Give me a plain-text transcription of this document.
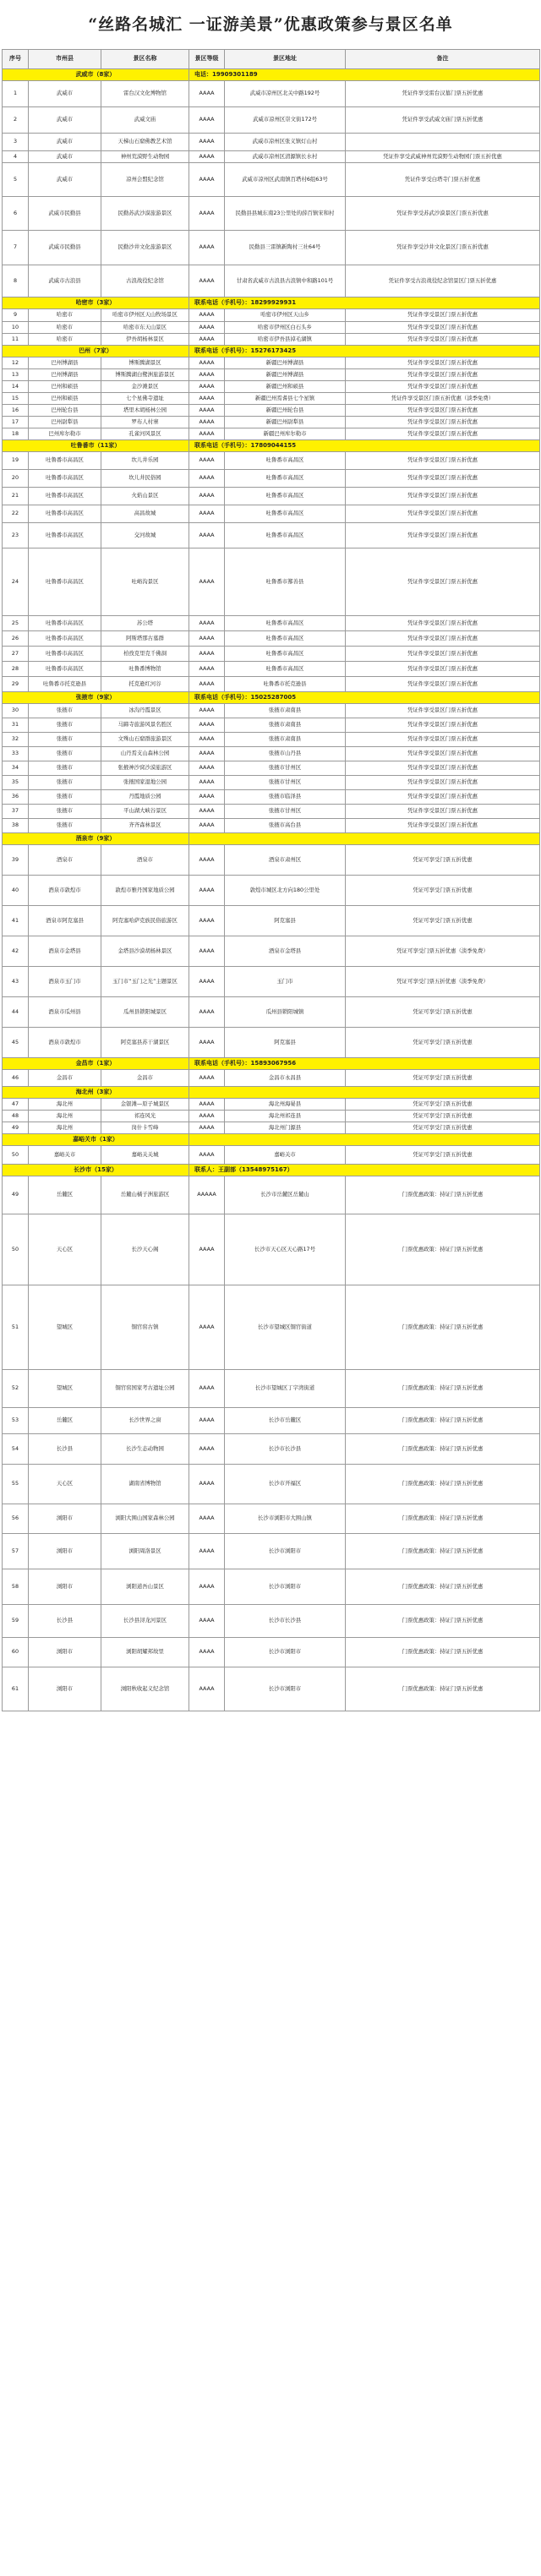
“丝路名城汇 一证游美景”优惠政策参与景区名单
序号	市州县	景区名称	景区等级	景区地址	备注
武威市（8家）			电话：19909301189		
1	武威市	雷台汉文化博物馆	AAAA	武威市凉州区北关中路192号	凭证件享受雷台汉墓门票五折优惠
2	武威市	武威文庙	AAAA	武威市凉州区崇文街172号	凭证件享受武威文庙门票五折优惠
3	武威市	天梯山石窟佛教艺术馆	AAAA	武威市凉州区张义镇灯山村	
4	武威市	神州荒漠野生动物园	AAAA	武威市凉州区清源镇长水村	凭证件享受武威神州荒漠野生动物园门票五折优惠
5	武威市	凉州会盟纪念馆	AAAA	武威市凉州区武南镇百塔村6组63号	凭证件享受白塔寺门票五折优惠
6	武威市民勤县	民勤苏武沙漠旅游景区	AAAA	民勤县县城东南23公里处的薛百镇宋和村	凭证件享受苏武沙漠景区门票五折优惠
7	武威市民勤县	民勤沙井文化旅游景区	AAAA	民勤县三雷镇新陶村三社64号	凭证件享受沙井文化景区门票五折优惠
8	武威市古浪县	古浪战役纪念馆	AAAA	甘肃省武威市古浪县古浪镇中和路101号	凭证件享受古浪战役纪念馆景区门票五折优惠
哈密市（3家）			联系电话（手机号）：18299929931		
9	哈密市	哈密市伊州区天山牧场景区	AAAA	哈密市伊州区天山乡	凭证件享受景区门票五折优惠
10	哈密市	哈密市东天山景区	AAAA	哈密市伊州区白石头乡	凭证件享受景区门票五折优惠
11	哈密市	伊吾胡杨林景区	AAAA	哈密市伊吾县淖毛湖镇	凭证件享受景区门票五折优惠
巴州（7家）			联系电话（手机号）：15276173425		
12	巴州博湖县	博斯腾湖景区	AAAA	新疆巴州博湖县	凭证件享受景区门票五折优惠
13	巴州博湖县	博斯腾湖白鹭洲旅游景区	AAAA	新疆巴州博湖县	凭证件享受景区门票五折优惠
14	巴州和硕县	金沙滩景区	AAAA	新疆巴州和硕县	凭证件享受景区门票五折优惠
15	巴州和硕县	七个星佛寺遗址	AAAA	新疆巴州焉耆县七个星镇	凭证件享受景区门票五折优惠（淡季免费）
16	巴州轮台县	塔里木胡杨林公园	AAAA	新疆巴州轮台县	凭证件享受景区门票五折优惠
17	巴州尉犁县	罗布人村寨	AAAA	新疆巴州尉犁县	凭证件享受景区门票五折优惠
18	巴州库尔勒市	孔雀河风景区	AAAA	新疆巴州库尔勒市	凭证件享受景区门票五折优惠
吐鲁番市（11家）			联系电话（手机号）：17809044155		
19	吐鲁番市高昌区	坎儿井乐园	AAAA	吐鲁番市高昌区	凭证件享受景区门票五折优惠
20	吐鲁番市高昌区	坎儿井民俗园	AAAA	吐鲁番市高昌区	凭证件享受景区门票五折优惠
21	吐鲁番市高昌区	火焰山景区	AAAA	吐鲁番市高昌区	凭证件享受景区门票五折优惠
22	吐鲁番市高昌区	高昌故城	AAAA	吐鲁番市高昌区	凭证件享受景区门票五折优惠
23	吐鲁番市高昌区	交河故城	AAAA	吐鲁番市高昌区	凭证件享受景区门票五折优惠
24	吐鲁番市高昌区	吐峪沟景区	AAAA	吐鲁番市鄯善县	凭证件享受景区门票五折优惠
25	吐鲁番市高昌区	苏公塔	AAAA	吐鲁番市高昌区	凭证件享受景区门票五折优惠
26	吐鲁番市高昌区	阿斯塔那古墓群	AAAA	吐鲁番市高昌区	凭证件享受景区门票五折优惠
27	吐鲁番市高昌区	柏孜克里克千佛洞	AAAA	吐鲁番市高昌区	凭证件享受景区门票五折优惠
28	吐鲁番市高昌区	吐鲁番博物馆	AAAA	吐鲁番市高昌区	凭证件享受景区门票五折优惠
29	吐鲁番市托克逊县	托克逊红河谷	AAAA	吐鲁番市托克逊县	凭证件享受景区门票五折优惠
张掖市（9家）			联系电话（手机号）：15025287005		
30	张掖市	冰沟丹霞景区	AAAA	张掖市肃南县	凭证件享受景区门票五折优惠
31	张掖市	马蹄寺旅游风景名胜区	AAAA	张掖市肃南县	凭证件享受景区门票五折优惠
32	张掖市	文殊山石窟群旅游景区	AAAA	张掖市肃南县	凭证件享受景区门票五折优惠
33	张掖市	山丹焉支山森林公园	AAAA	张掖市山丹县	凭证件享受景区门票五折优惠
34	张掖市	张掖神沙窝沙漠旅游区	AAAA	张掖市甘州区	凭证件享受景区门票五折优惠
35	张掖市	张掖国家湿地公园	AAAA	张掖市甘州区	凭证件享受景区门票五折优惠
36	张掖市	丹霞地质公园	AAAA	张掖市临泽县	凭证件享受景区门票五折优惠
37	张掖市	平山湖大峡谷景区	AAAA	张掖市甘州区	凭证件享受景区门票五折优惠
38	张掖市	齐齐森林景区	AAAA	张掖市高台县	凭证件享受景区门票五折优惠
酒泉市（9家）					
39	酒泉市	酒泉市	AAAA	酒泉市肃州区	凭证可享受门票五折优惠
40	酒泉市敦煌市	敦煌市雅丹国家地质公园	AAAA	敦煌市城区北方向180公里处	凭证可享受门票五折优惠
41	酒泉市阿克塞县	阿克塞哈萨克族民俗旅游区	AAAA	阿克塞县	凭证可享受门票五折优惠
42	酒泉市金塔县	金塔县沙漠胡杨林景区	AAAA	酒泉市金塔县	凭证可享受门票五折优惠（淡季免费）
43	酒泉市玉门市	玉门市“玉门之光”主题景区	AAAA	玉门市	凭证可享受门票五折优惠（淡季免费）
44	酒泉市瓜州县	瓜州县锁阳城景区	AAAA	瓜州县锁阳城镇	凭证可享受门票五折优惠
45	酒泉市敦煌市	阿克塞县苏干湖景区	AAAA	阿克塞县	凭证可享受门票五折优惠
金昌市（1家）			联系电话（手机号）：15893067956		
46	金昌市	金昌市	AAAA	金昌市永昌县	凭证可享受门票五折优惠
海北州（3家）					
47	海北州	金银滩—原子城景区	AAAA	海北州海晏县	凭证可享受门票五折优惠
48	海北州	祁连风光	AAAA	海北州祁连县	凭证可享受门票五折优惠
49	海北州	岗什卡雪峰	AAAA	海北州门源县	凭证可享受门票五折优惠
嘉峪关市（1家）					
50	嘉峪关市	嘉峪关关城	AAAA	嘉峪关市	凭证可享受门票五折优惠
长沙市（15家）			联系人：王副部（13548975167）		
49	岳麓区	岳麓山橘子洲旅游区	AAAAA	长沙市岳麓区岳麓山	门票优惠政策：持证门票五折优惠
50	天心区	长沙天心阁	AAAA	长沙市天心区天心路17号	门票优惠政策：持证门票五折优惠
51	望城区	铜官窑古镇	AAAA	长沙市望城区铜官街道	门票优惠政策：持证门票五折优惠
52	望城区	铜官窑国家考古遗址公园	AAAA	长沙市望城区丁字湾街道	门票优惠政策：持证门票五折优惠
53	岳麓区	长沙世界之窗	AAAA	长沙市岳麓区	门票优惠政策：持证门票五折优惠
54	长沙县	长沙生态动物园	AAAA	长沙市长沙县	门票优惠政策：持证门票五折优惠
55	天心区	湖南省博物馆	AAAA	长沙市开福区	门票优惠政策：持证门票五折优惠
56	浏阳市	浏阳大围山国家森林公园	AAAA	长沙市浏阳市大围山镇	门票优惠政策：持证门票五折优惠
57	浏阳市	浏阳周洛景区	AAAA	长沙市浏阳市	门票优惠政策：持证门票五折优惠
58	浏阳市	浏阳道吾山景区	AAAA	长沙市浏阳市	门票优惠政策：持证门票五折优惠
59	长沙县	长沙县浔龙河景区	AAAA	长沙市长沙县	门票优惠政策：持证门票五折优惠
60	浏阳市	浏阳胡耀邦故里	AAAA	长沙市浏阳市	门票优惠政策：持证门票五折优惠
61	浏阳市	浏阳秋收起义纪念馆	AAAA	长沙市浏阳市	门票优惠政策：持证门票五折优惠
